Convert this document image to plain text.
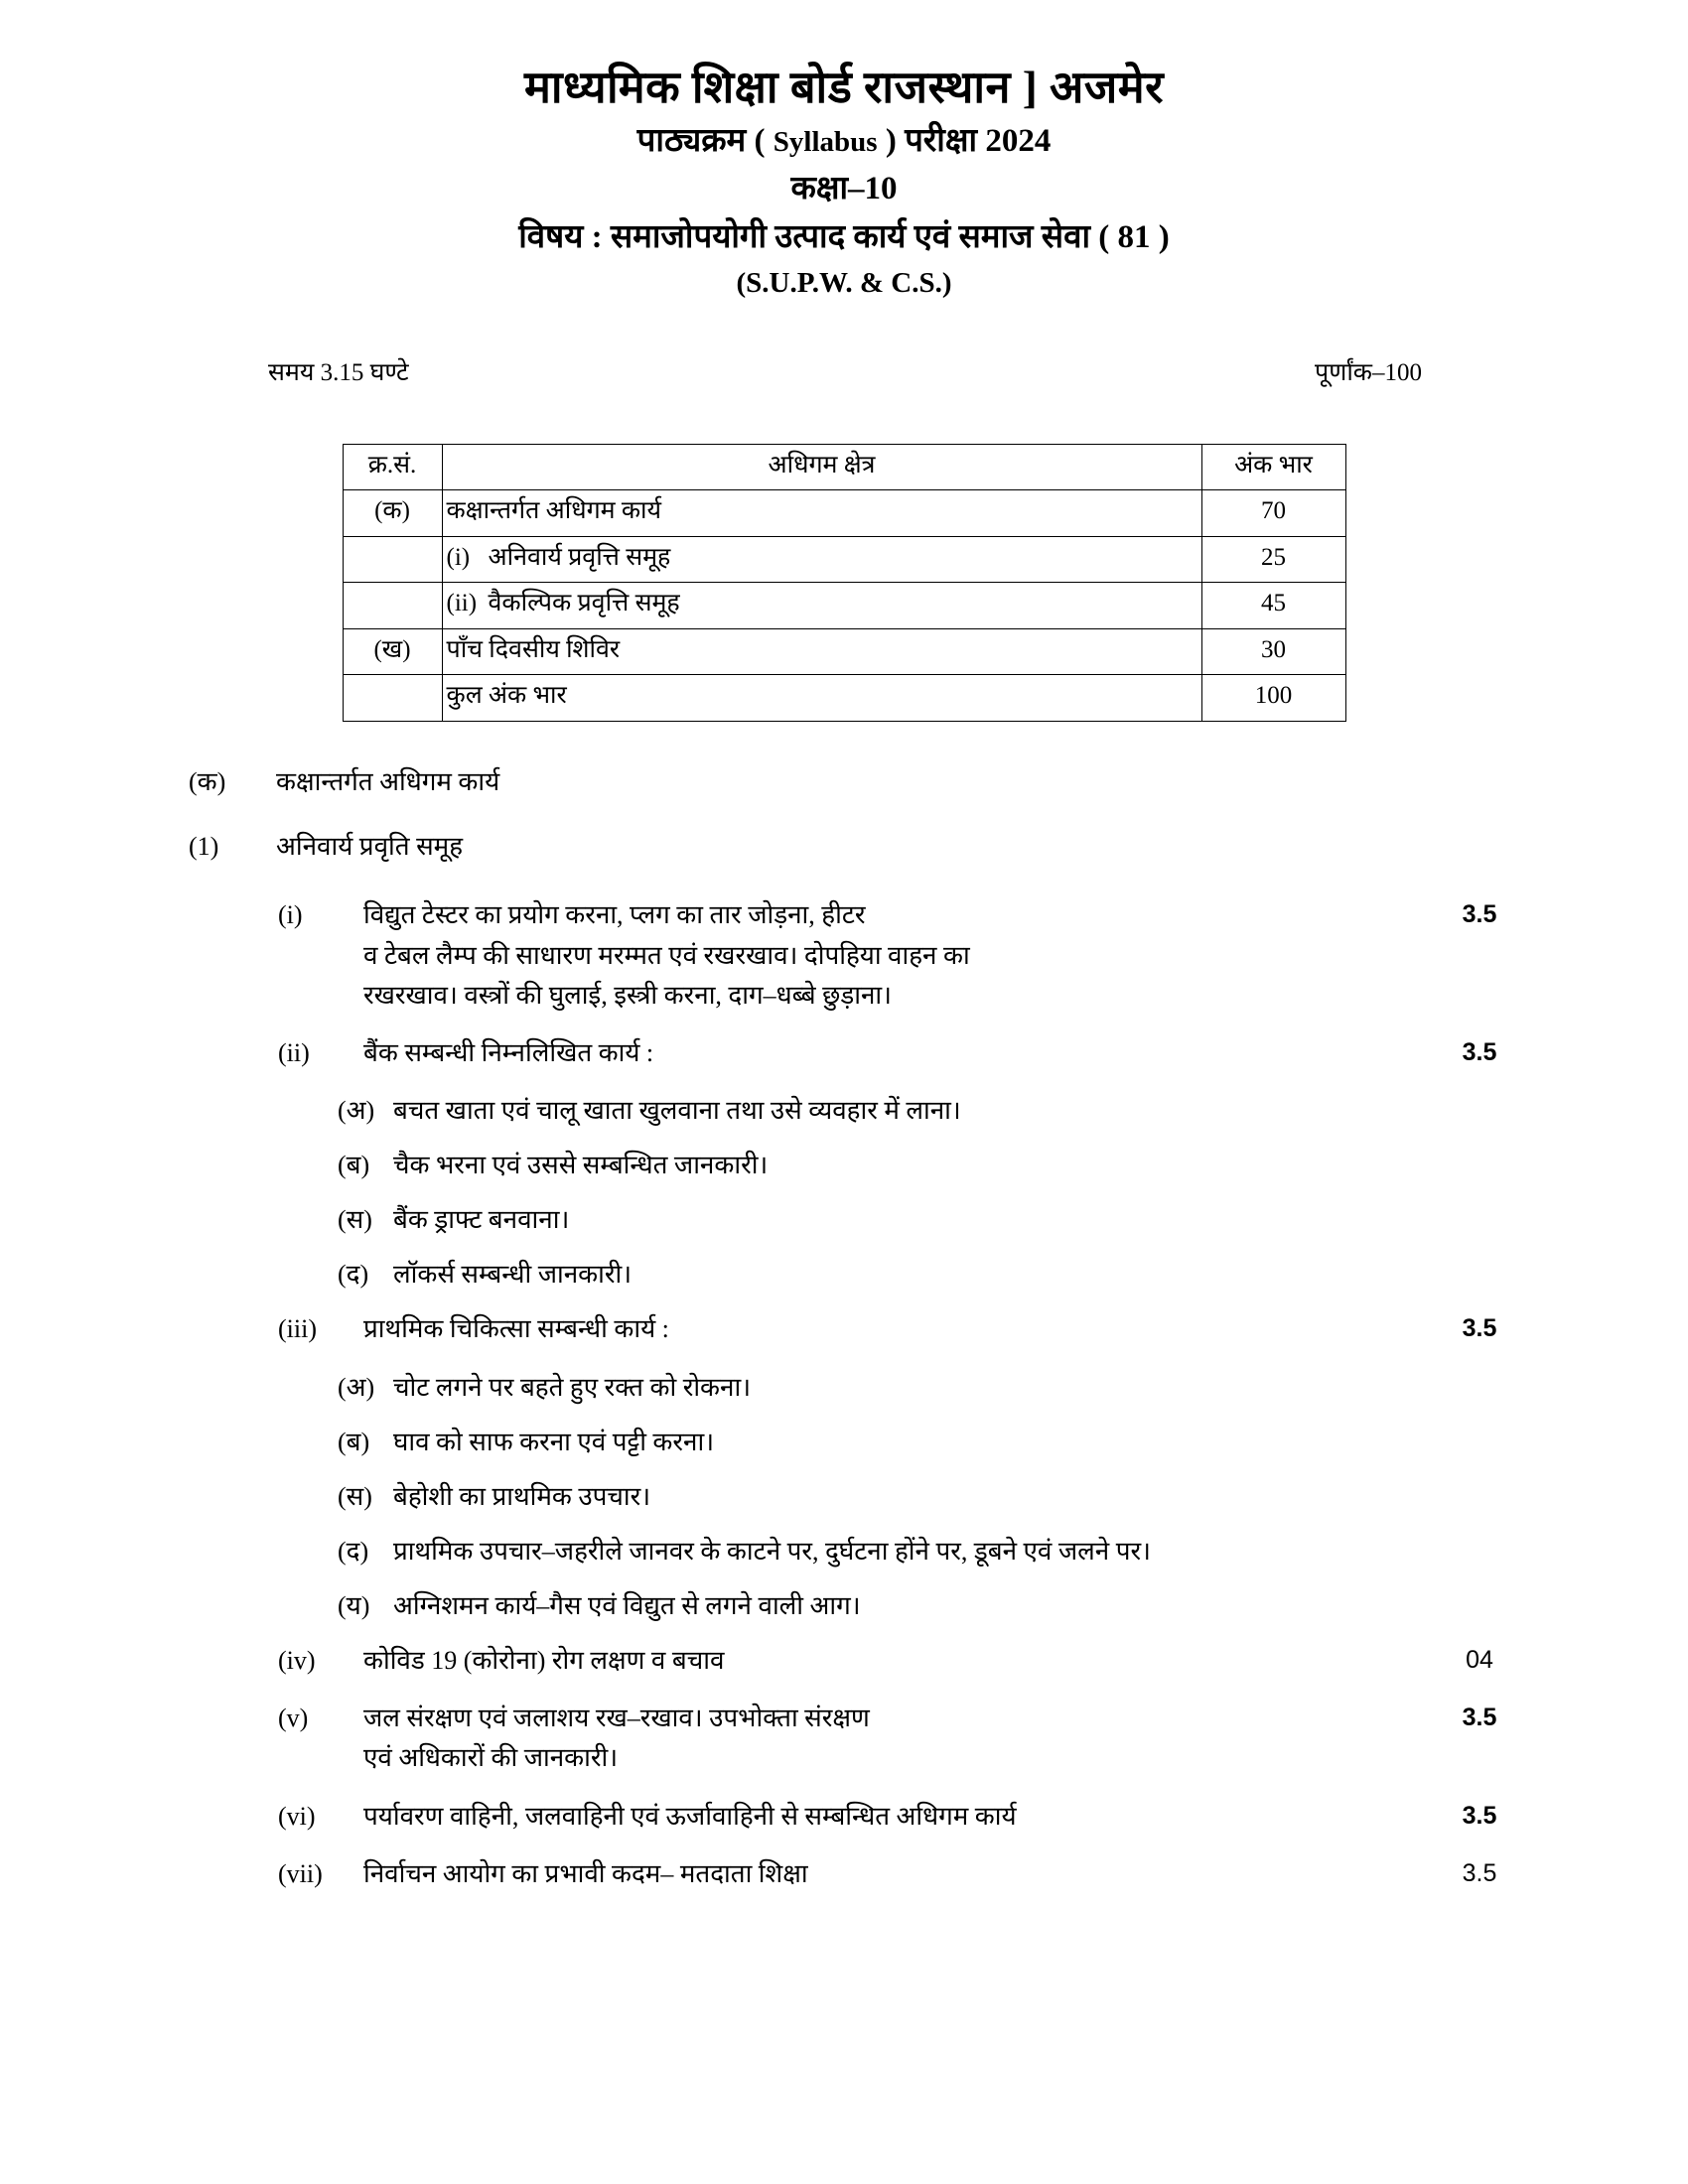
माध्यमिक शिक्षा बोर्ड राजस्थान ] अजमेर
पाठ्यक्रम ( Syllabus ) परीक्षा 2024
कक्षा–10
विषय : समाजोपयोगी उत्पाद कार्य एवं समाज सेवा ( 81 )
(S.U.P.W. & C.S.)
समय 3.15 घण्टे	पूर्णांक–100
क्र.सं.	अधिगम क्षेत्र	अंक भार
(क)	कक्षान्तर्गत अधिगम कार्य	70
	(i) अनिवार्य प्रवृत्ति समूह	25
	(ii) वैकल्पिक प्रवृत्ति समूह	45
(ख)	पॉंच दिवसीय शिविर	30
	कुल अंक भार	100
(क)	कक्षान्तर्गत अधिगम कार्य
(1)	अनिवार्य प्रवृति समूह
(i)	विद्युत टेस्टर का प्रयोग करना, प्लग का तार जोड़ना, हीटर
व टेबल लैम्प की साधारण मरम्मत एवं रखरखाव। दोपहिया वाहन का
रखरखाव। वस्त्रों की घुलाई, इस्त्री करना, दाग–धब्बे छुड़ाना।
3.5
(ii)	बैंक सम्बन्धी निम्नलिखित कार्य :	3.5
(अ) बचत खाता एवं चालू खाता खुलवाना तथा उसे व्यवहार में लाना।
(ब) चैक भरना एवं उससे सम्बन्धित जानकारी।
(स) बैंक ड्राफ्ट बनवाना।
(द) लॉकर्स सम्बन्धी जानकारी।
(iii)	प्राथमिक चिकित्सा सम्बन्धी कार्य :	3.5
(अ) चोट लगने पर बहते हुए रक्त को रोकना।
(ब) घाव को साफ करना एवं पट्टी करना।
(स) बेहोशी का प्राथमिक उपचार।
(द) प्राथमिक उपचार–जहरीले जानवर के काटने पर, दुर्घटना होंने पर, डूबने एवं जलने पर।
(य) अग्निशमन कार्य–गैस एवं विद्युत से लगने वाली आग।
(iv)	कोविड 19 (कोरोना) रोग लक्षण व बचाव	04
(v)	जल संरक्षण एवं जलाशय रख–रखाव। उपभोक्ता संरक्षण
एवं अधिकारों की जानकारी।
3.5
(vi)	पर्यावरण वाहिनी, जलवाहिनी एवं ऊर्जावाहिनी से सम्बन्धित अधिगम कार्य	3.5
(vii)	निर्वाचन आयोग का प्रभावी कदम– मतदाता शिक्षा	3.5
